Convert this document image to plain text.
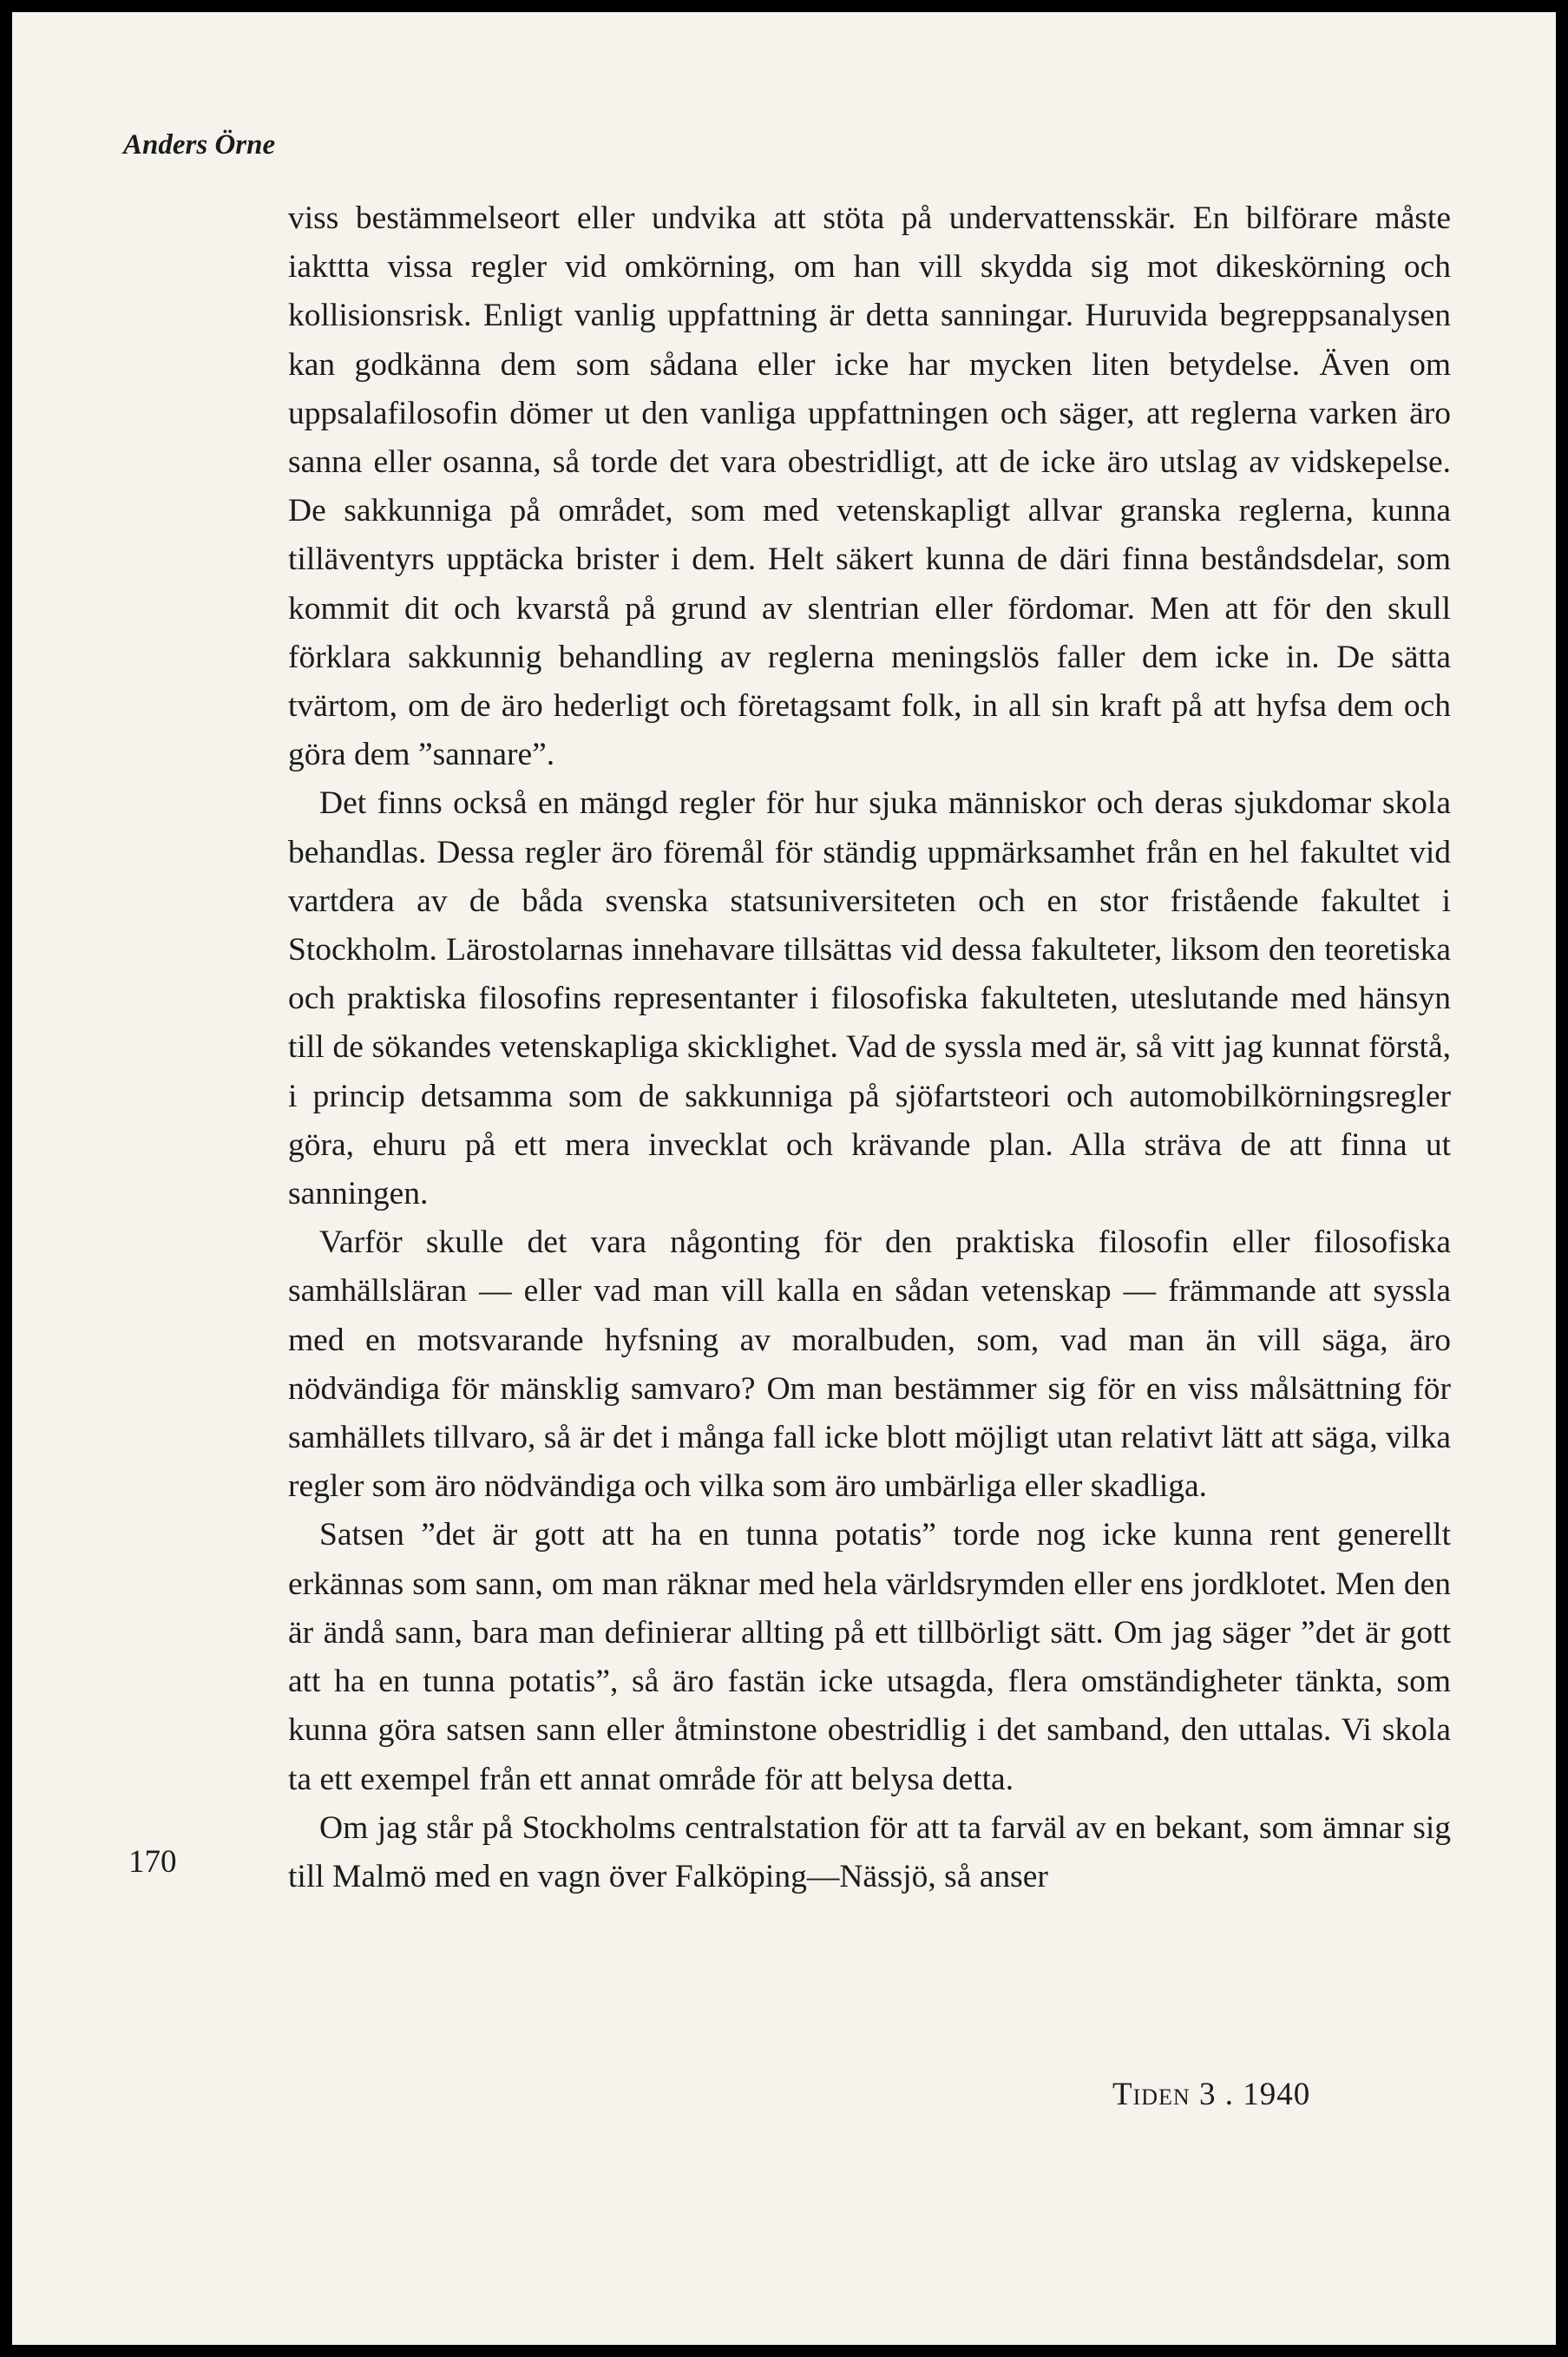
Anders Örne

viss bestämmelseort eller undvika att stöta på undervattensskär. En bilförare måste iakttta vissa regler vid omkörning, om han vill skydda sig mot dikeskörning och kollisionsrisk. Enligt vanlig uppfattning är detta sanningar. Huruvida begreppsanalysen kan godkänna dem som sådana eller icke har mycken liten betydelse. Även om uppsalafilosofin dömer ut den vanliga uppfattningen och säger, att reglerna varken äro sanna eller osanna, så torde det vara obestridligt, att de icke äro utslag av vidskepelse. De sakkunniga på området, som med vetenskapligt allvar granska reglerna, kunna tilläventyrs upptäcka brister i dem. Helt säkert kunna de däri finna beståndsdelar, som kommit dit och kvarstå på grund av slentrian eller fördomar. Men att för den skull förklara sakkunnig behandling av reglerna meningslös faller dem icke in. De sätta tvärtom, om de äro hederligt och företagsamt folk, in all sin kraft på att hyfsa dem och göra dem ”sannare”.

Det finns också en mängd regler för hur sjuka människor och deras sjukdomar skola behandlas. Dessa regler äro föremål för ständig uppmärksamhet från en hel fakultet vid vartdera av de båda svenska statsuniversiteten och en stor fristående fakultet i Stockholm. Lärostolarnas innehavare tillsättas vid dessa fakulteter, liksom den teoretiska och praktiska filosofins representanter i filosofiska fakulteten, uteslutande med hänsyn till de sökandes vetenskapliga skicklighet. Vad de syssla med är, så vitt jag kunnat förstå, i princip detsamma som de sakkunniga på sjöfartsteori och automobilkörningsregler göra, ehuru på ett mera invecklat och krävande plan. Alla sträva de att finna ut sanningen.

Varför skulle det vara någonting för den praktiska filosofin eller filosofiska samhällsläran — eller vad man vill kalla en sådan vetenskap — främmande att syssla med en motsvarande hyfsning av moralbuden, som, vad man än vill säga, äro nödvändiga för mänsklig samvaro? Om man bestämmer sig för en viss målsättning för samhällets tillvaro, så är det i många fall icke blott möjligt utan relativt lätt att säga, vilka regler som äro nödvändiga och vilka som äro umbärliga eller skadliga.

Satsen ”det är gott att ha en tunna potatis” torde nog icke kunna rent generellt erkännas som sann, om man räknar med hela världsrymden eller ens jordklotet. Men den är ändå sann, bara man definierar allting på ett tillbörligt sätt. Om jag säger ”det är gott att ha en tunna potatis”, så äro fastän icke utsagda, flera omständigheter tänkta, som kunna göra satsen sann eller åtminstone obestridlig i det samband, den uttalas. Vi skola ta ett exempel från ett annat område för att belysa detta.

Om jag står på Stockholms centralstation för att ta farväl av en bekant, som ämnar sig till Malmö med en vagn över Falköping—Nässjö, så anser

170

Tiden 3 . 1940
